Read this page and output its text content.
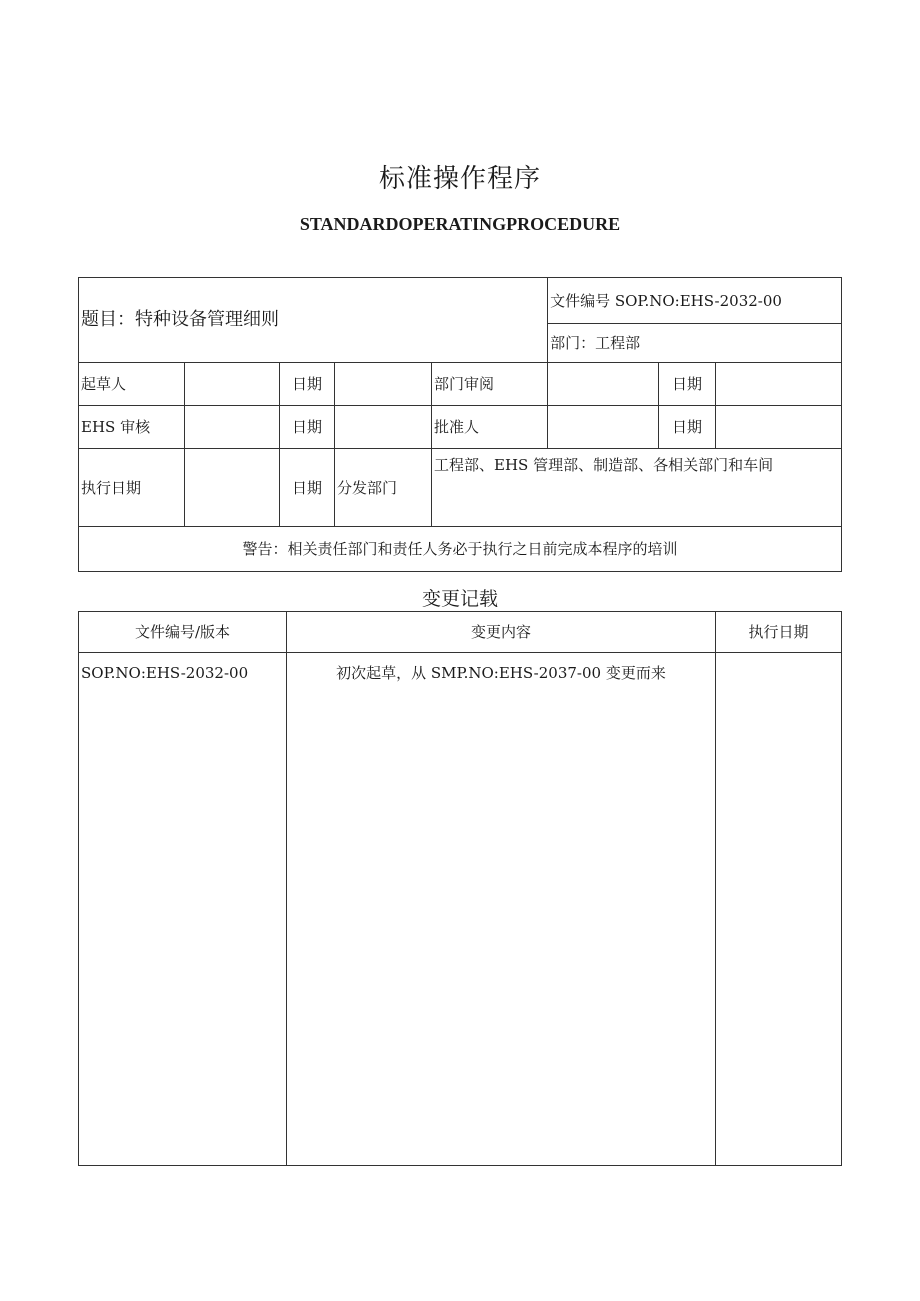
标准操作程序
STANDARDOPERATINGPROCEDURE
题目：特种设备管理细则					文件编号 SOP.NO:EHS-2032-00		
					部门：工程部		
起草人		日期		部门审阅		日期	
EHS 审核		日期		批准人		日期	
执行日期		日期	分发部门	工程部、EHS 管理部、制造部、各相关部门和车间			
警告：相关责任部门和责任人务必于执行之日前完成本程序的培训							
变更记载
文件编号/版本	变更内容	执行日期
SOP.NO:EHS-2032-00	初次起草，从 SMP.NO:EHS-2037-00 变更而来	
